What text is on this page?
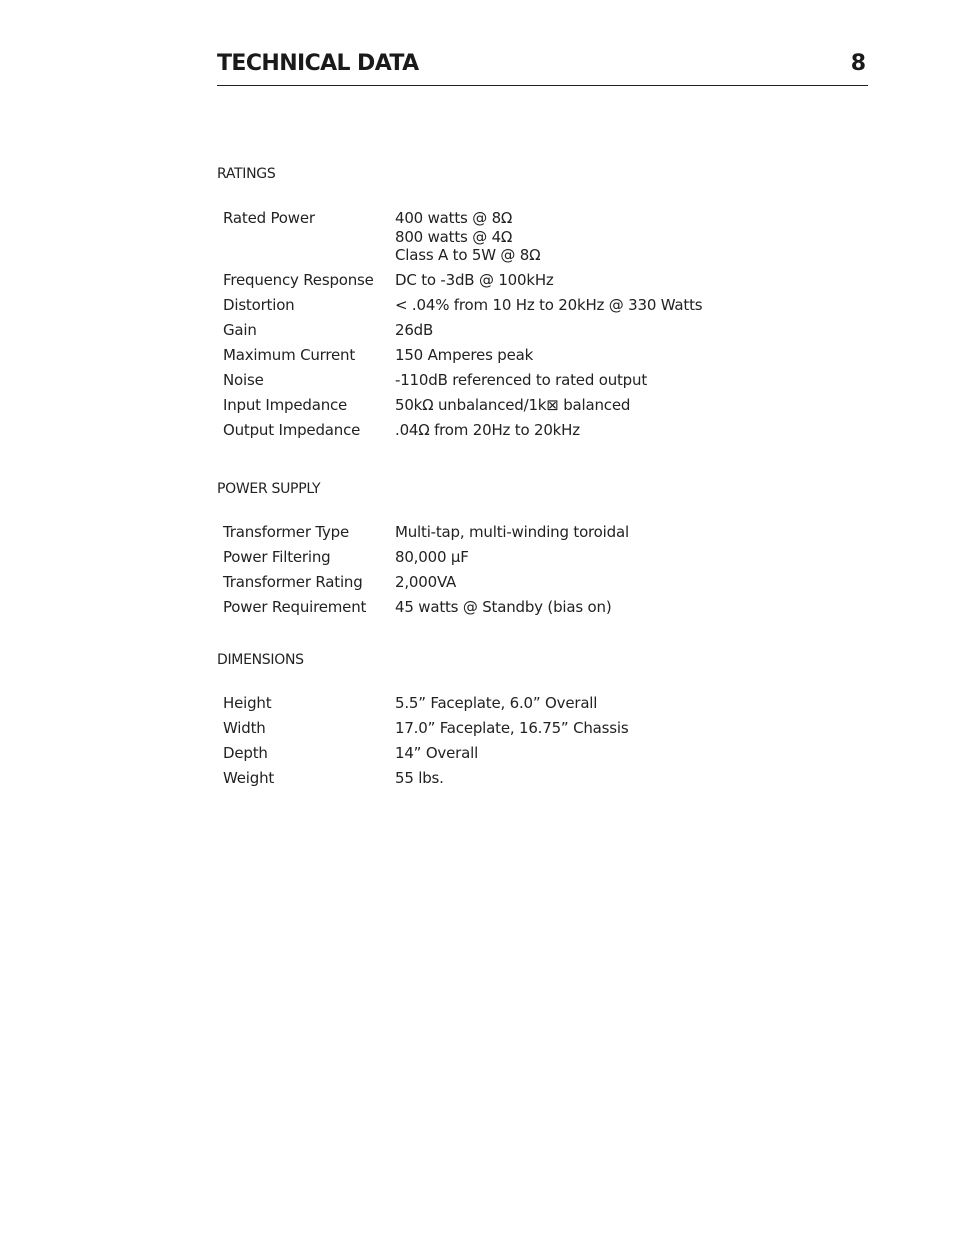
TECHNICAL DATA	8
RATINGS
Rated Power	400 watts @ 8Ω
800 watts @ 4Ω
Class A to 5W @ 8Ω
Frequency Response DC to -3dB @ 100kHz
Distortion	< .04% from 10 Hz to 20kHz @ 330 Watts
Gain	26dB
Maximum Current	150 Amperes peak
Noise	-110dB referenced to rated output
Input Impedance	50kΩ unbalanced/1k⊠ balanced
Output Impedance .04Ω from 20Hz to 20kHz
POWER SUPPLY
Transformer Type	Multi-tap, multi-winding toroidal
Power Filtering	80,000 µF
Transformer Rating 2,000VA
Power Requirement 45 watts @ Standby (bias on)
DIMENSIONS
Height	5.5” Faceplate, 6.0” Overall
Width	17.0” Faceplate, 16.75” Chassis
Depth	14” Overall
Weight	55 lbs.
